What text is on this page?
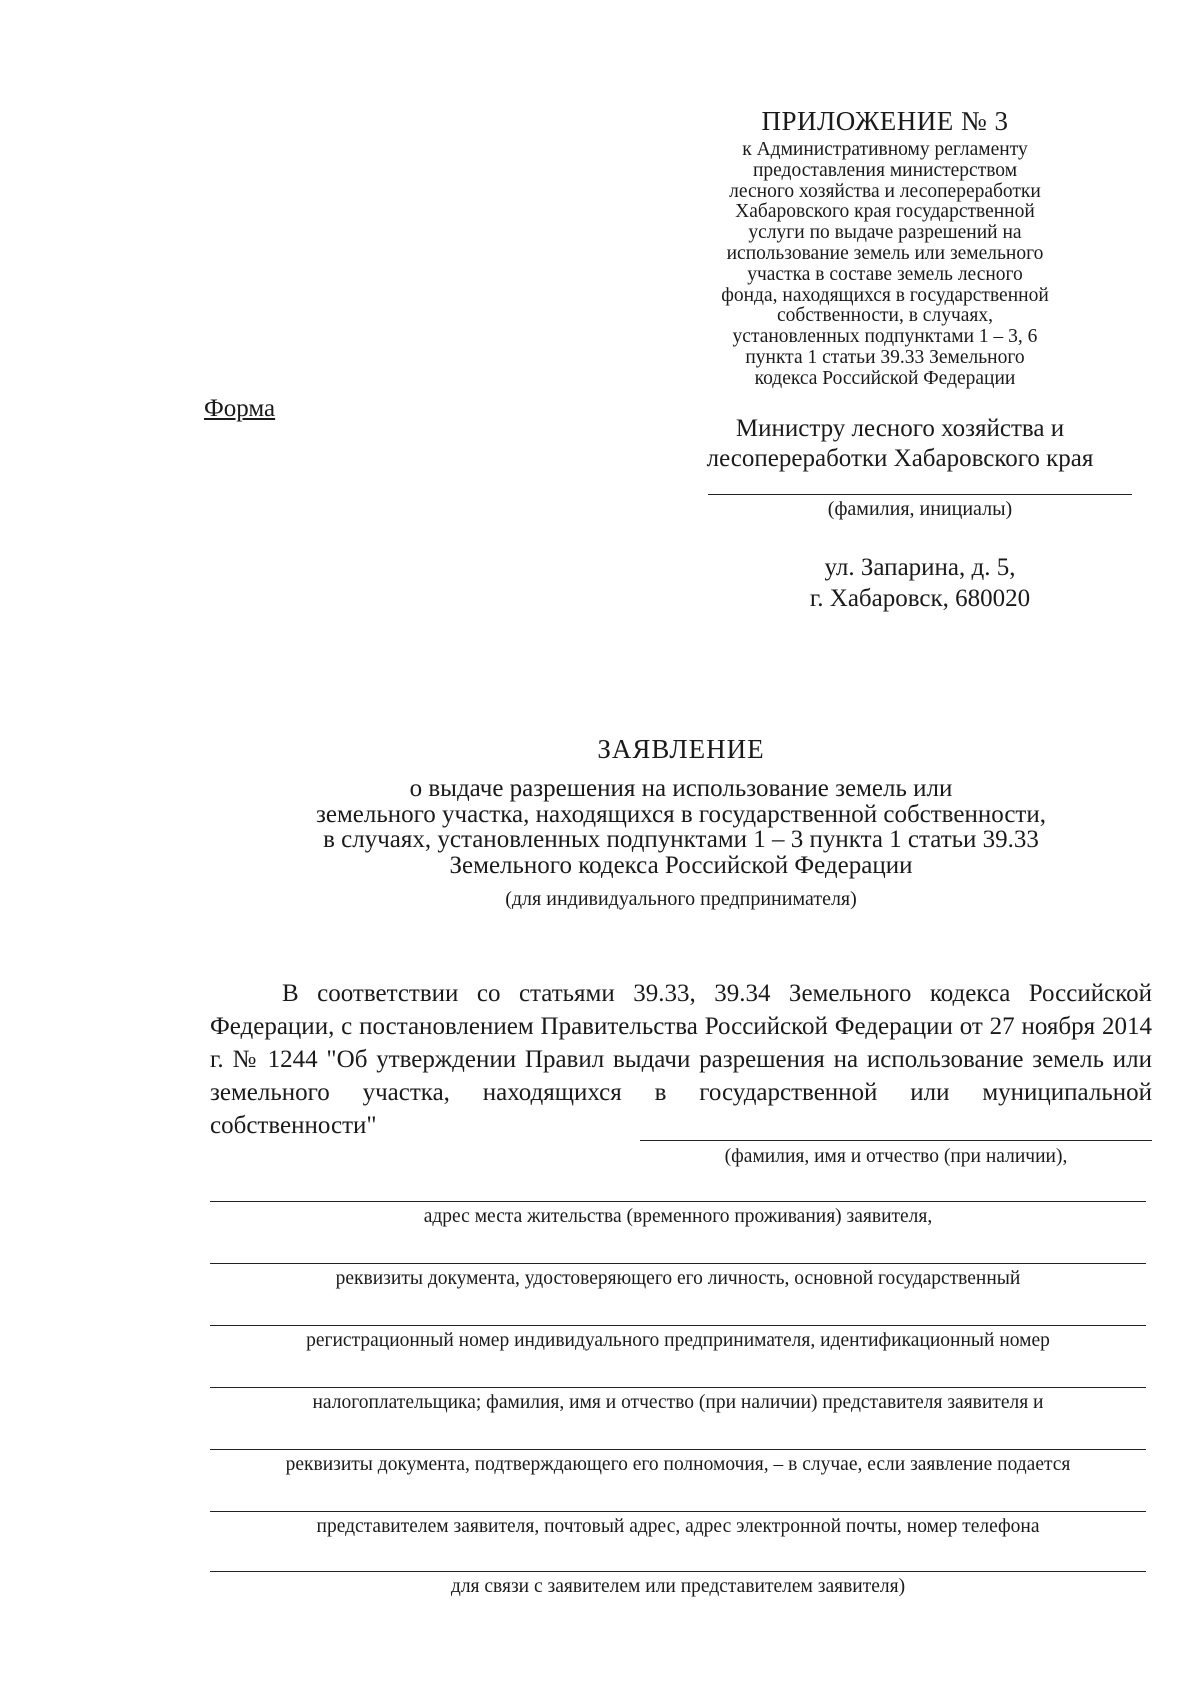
ПРИЛОЖЕНИЕ № 3
к Административному регламенту
предоставления министерством
лесного хозяйства и лесопереработки
Хабаровского края государственной
услуги по выдаче разрешений на
использование земель или земельного
участка в составе земель лесного
фонда, находящихся в государственной
собственности, в случаях,
установленных подпунктами 1 – 3, 6
пункта 1 статьи 39.33 Земельного
кодекса Российской Федерации
Форма
Министру лесного хозяйства и
лесопереработки Хабаровского края
(фамилия, инициалы)
ул. Запарина, д. 5,
г. Хабаровск, 680020
ЗАЯВЛЕНИЕ
о выдаче разрешения на использование земель или
земельного участка, находящихся в государственной собственности,
в случаях, установленных подпунктами 1 – 3 пункта 1 статьи 39.33
Земельного кодекса Российской Федерации
(для индивидуального предпринимателя)
В соответствии со статьями 39.33, 39.34 Земельного кодекса Российской Федерации, с постановлением Правительства Российской Федерации от 27 ноября 2014 г. № 1244 "Об утверждении Правил выдачи разрешения на использование земель или земельного участка, находящихся в государственной или муниципальной собственности"
(фамилия, имя и отчество (при наличии),
адрес места жительства (временного проживания) заявителя,
реквизиты документа, удостоверяющего его личность, основной государственный
регистрационный номер индивидуального предпринимателя, идентификационный номер
налогоплательщика; фамилия, имя и отчество (при наличии) представителя заявителя и
реквизиты документа, подтверждающего его полномочия, – в случае, если заявление подается
представителем заявителя, почтовый адрес, адрес электронной почты, номер телефона
для связи с заявителем или представителем заявителя)
